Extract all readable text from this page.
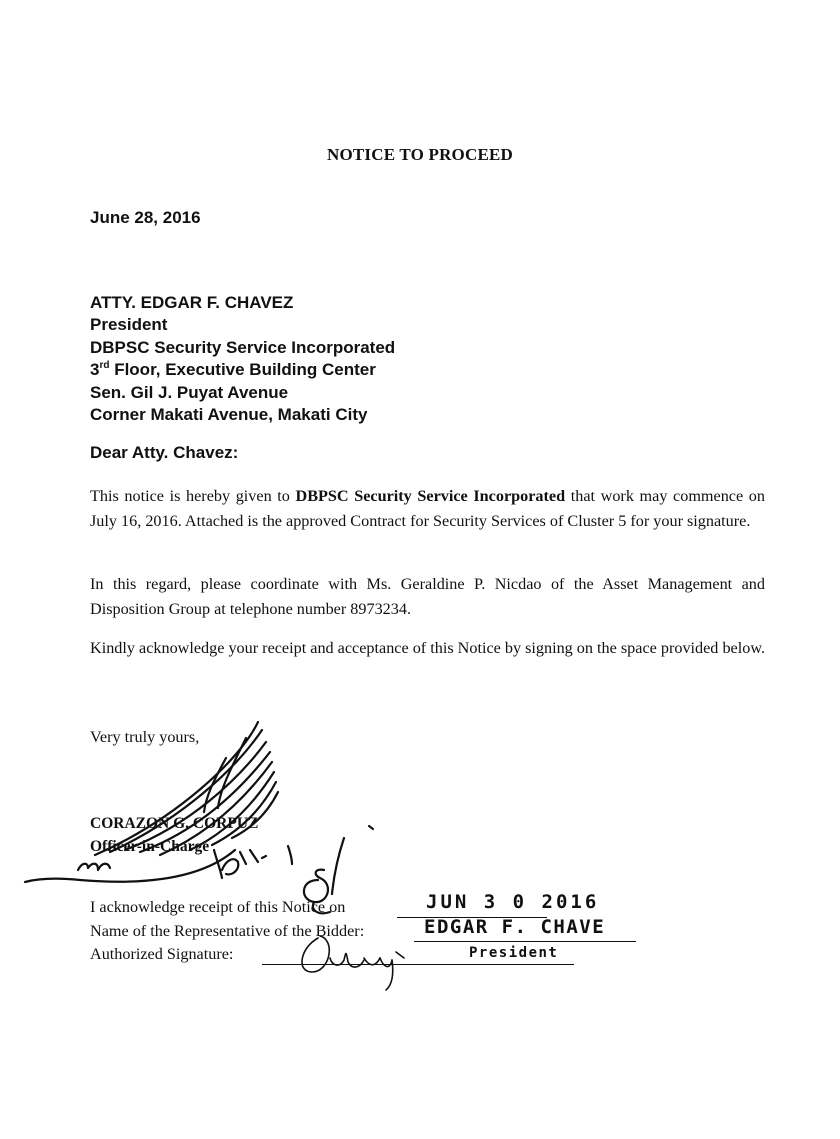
NOTICE TO PROCEED
June 28, 2016
ATTY. EDGAR F. CHAVEZ
President
DBPSC Security Service Incorporated
3rd Floor, Executive Building Center
Sen. Gil J. Puyat Avenue
Corner Makati Avenue, Makati City
Dear Atty. Chavez:
This notice is hereby given to DBPSC Security Service Incorporated that work may commence on July 16, 2016. Attached is the approved Contract for Security Services of Cluster 5 for your signature.
In this regard, please coordinate with Ms. Geraldine P. Nicdao of the Asset Management and Disposition Group at telephone number 8973234.
Kindly acknowledge your receipt and acceptance of this Notice by signing on the space provided below.
Very truly yours,
CORAZON G. CORPUZ
Officer-in-Charge
I acknowledge receipt of this Notice on
Name of the Representative of the Bidder:
Authorized Signature:
JUN 3 0 2016
EDGAR F. CHAVE
President
